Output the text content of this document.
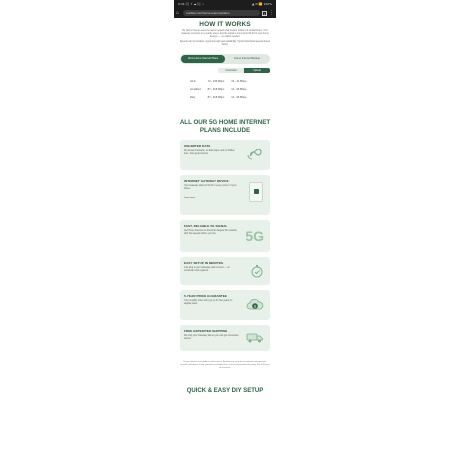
9:41 ⬛ ⚡ ☁ ⬛ •	▲ ✉ 📶 100%
⌂	tmobile.com/home-internet/plans	1 ⋮
HOW IT WORKS

5G Home Internet uses the same network that powers millions of smartphones. Your Gateway connects to a nearby tower, and the signal is turned into Wi-Fi for your home devices — no cables needed.

Speeds vary by location, signal strength and availability. Typical download speeds shown below.

All-In Home Internet Plans	Home Internet Backup
Download	Upload
All-In	72 - 245 Mbps	15 - 31 Mbps
Amplified	87 - 318 Mbps	14 - 56 Mbps
Rely	87 - 318 Mbps	14 - 56 Mbps
ALL OUR 5G HOME INTERNET
PLANS INCLUDE
UNLIMITED DATA
No annual contracts, no data caps, and no hidden fees. Just great internet.
INTERNET GATEWAY DEVICE
Your Gateway delivers Wi-Fi to every corner of your home.
Learn more
FAST, RELIABLE 5G SIGNAL
Get Home Internet on America's largest 5G network, with fast speeds where you live.	5G
EASY SETUP IN MINUTES
Just plug in your Gateway and connect — no technician visit required.
5-YEAR PRICE GUARANTEE
Your monthly price won't go up for five years on eligible plans.
$
FREE EXPEDITED SHIPPING
We ship your Gateway fast so you can get connected sooner.

Home Internet is available in select areas. Speeds may vary due to network management, location and device. Price guarantee excludes taxes, fees and promotional pricing. See full terms at checkout.

QUICK & EASY DIY SETUP
